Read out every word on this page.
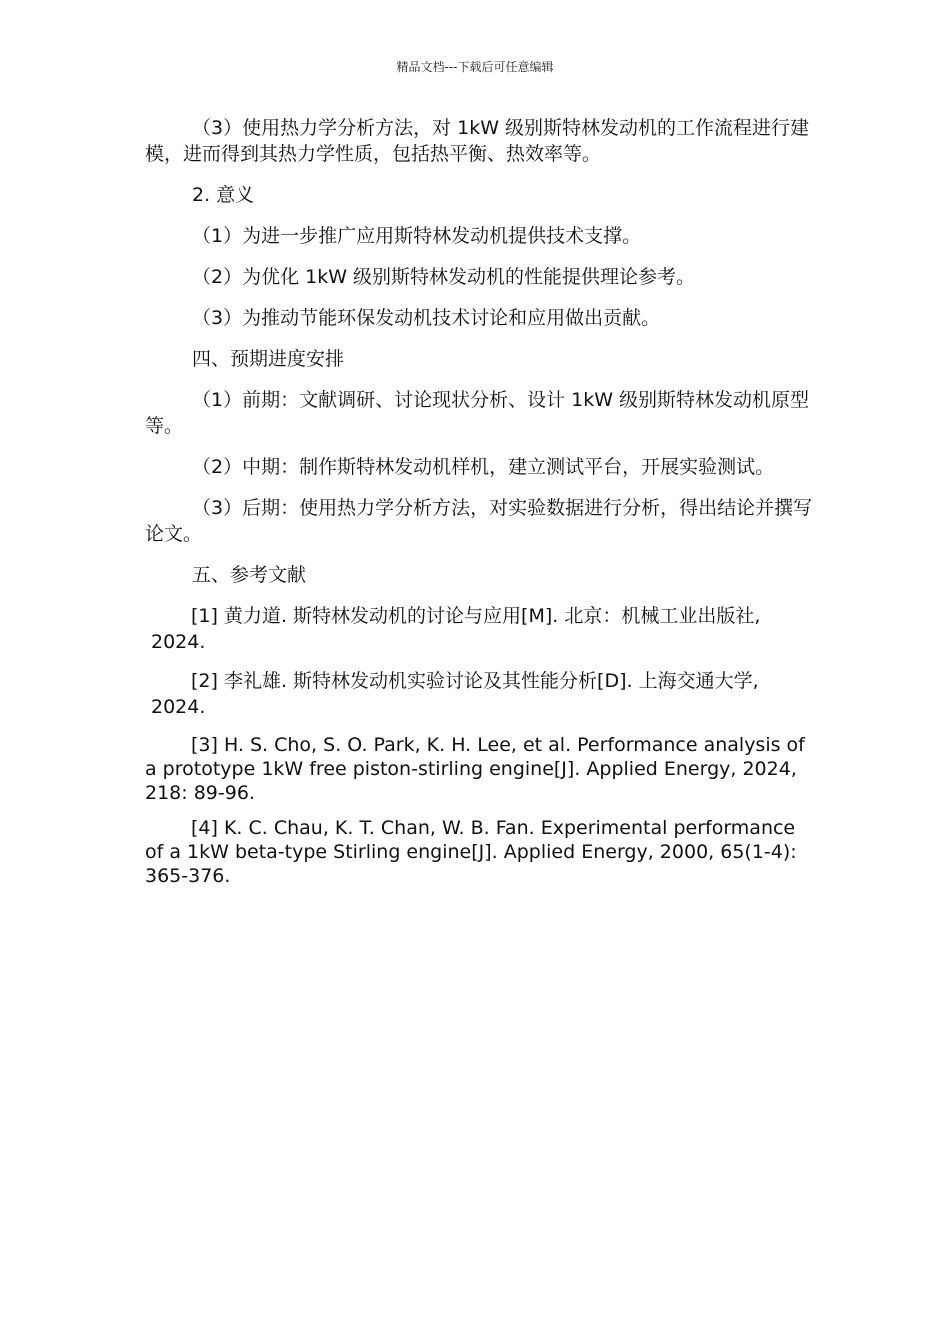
精品文档---下载后可任意编辑

（3）使用热力学分析方法，对 1kW 级别斯特林发动机的工作流程进行建模，进而得到其热力学性质，包括热平衡、热效率等。

2. 意义

（1）为进一步推广应用斯特林发动机提供技术支撑。

（2）为优化 1kW 级别斯特林发动机的性能提供理论参考。

（3）为推动节能环保发动机技术讨论和应用做出贡献。

四、预期进度安排

（1）前期：文献调研、讨论现状分析、设计 1kW 级别斯特林发动机原型等。

（2）中期：制作斯特林发动机样机，建立测试平台，开展实验测试。

（3）后期：使用热力学分析方法，对实验数据进行分析，得出结论并撰写论文。

五、参考文献

[1] 黄力道. 斯特林发动机的讨论与应用[M]. 北京：机械工业出版社,
2024.

[2] 李礼雄. 斯特林发动机实验讨论及其性能分析[D]. 上海交通大学,
2024.

[3] H. S. Cho, S. O. Park, K. H. Lee, et al. Performance analysis of a prototype 1kW free piston-stirling engine[J]. Applied Energy, 2024, 218: 89-96.

[4] K. C. Chau, K. T. Chan, W. B. Fan. Experimental performance of a 1kW beta-type Stirling engine[J]. Applied Energy, 2000, 65(1-4): 365-376.
